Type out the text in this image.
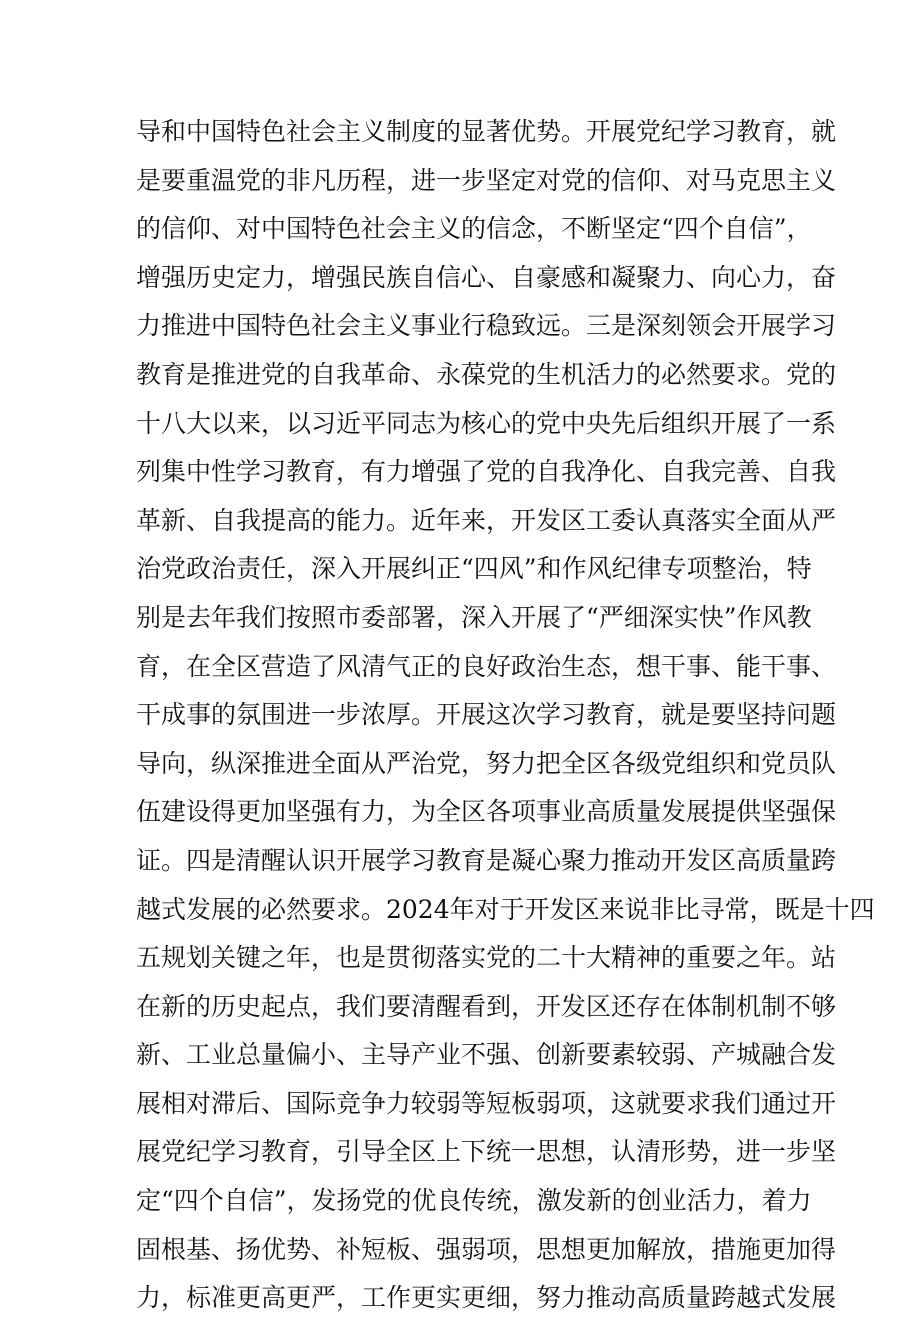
导和中国特色社会主义制度的显著优势。开展党纪学习教育，就
是要重温党的非凡历程，进一步坚定对党的信仰、对马克思主义
的信仰、对中国特色社会主义的信念，不断坚定“四个自信”，
增强历史定力，增强民族自信心、自豪感和凝聚力、向心力，奋
力推进中国特色社会主义事业行稳致远。三是深刻领会开展学习
教育是推进党的自我革命、永葆党的生机活力的必然要求。党的
十八大以来，以习近平同志为核心的党中央先后组织开展了一系
列集中性学习教育，有力增强了党的自我净化、自我完善、自我
革新、自我提高的能力。近年来，开发区工委认真落实全面从严
治党政治责任，深入开展纠正“四风”和作风纪律专项整治，特
别是去年我们按照市委部署，深入开展了“严细深实快”作风教
育，在全区营造了风清气正的良好政治生态，想干事、能干事、
干成事的氛围进一步浓厚。开展这次学习教育，就是要坚持问题
导向，纵深推进全面从严治党，努力把全区各级党组织和党员队
伍建设得更加坚强有力，为全区各项事业高质量发展提供坚强保
证。四是清醒认识开展学习教育是凝心聚力推动开发区高质量跨
越式发展的必然要求。2024年对于开发区来说非比寻常，既是十四
五规划关键之年，也是贯彻落实党的二十大精神的重要之年。站
在新的历史起点，我们要清醒看到，开发区还存在体制机制不够
新、工业总量偏小、主导产业不强、创新要素较弱、产城融合发
展相对滞后、国际竞争力较弱等短板弱项，这就要求我们通过开
展党纪学习教育，引导全区上下统一思想，认清形势，进一步坚
定“四个自信”，发扬党的优良传统，激发新的创业活力，着力
固根基、扬优势、补短板、强弱项，思想更加解放，措施更加得
力，标准更高更严，工作更实更细，努力推动高质量跨越式发展
